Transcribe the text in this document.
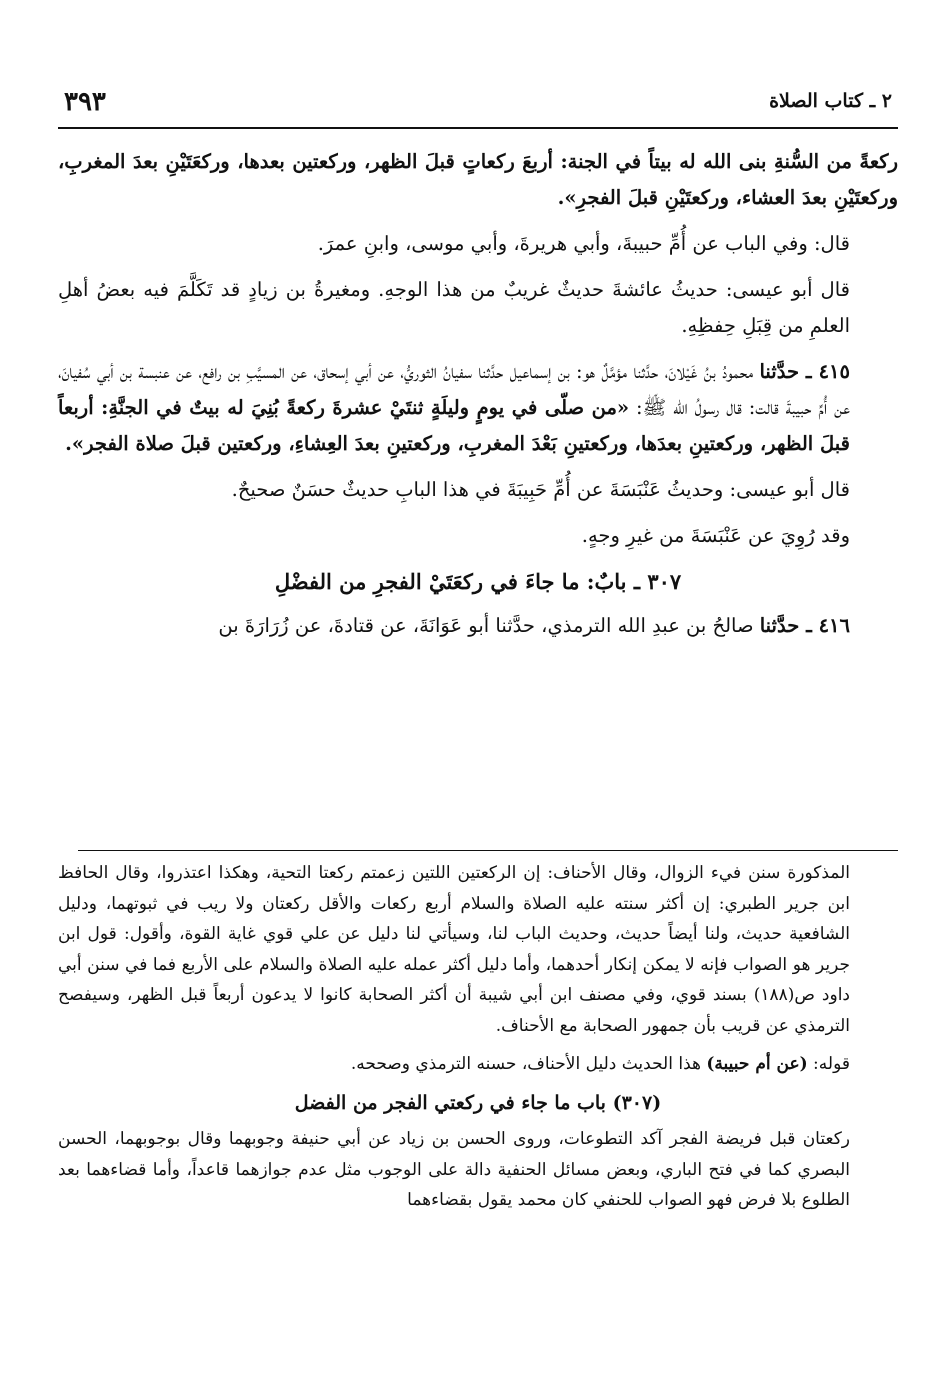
٢ ـ كتاب الصلاة
٣٩٣

ركعةً من السُّنةِ بنى الله له بيتاً في الجنة: أربعَ ركعاتٍ قبلَ الظهر، وركعتين بعدها، وركعَتَيْنِ بعدَ المغربِ، وركعتَيْنِ بعدَ العشاء، وركعتَيْنِ قبلَ الفجرِ».

قال: وفي الباب عن أُمِّ حبيبةَ، وأبي هريرةَ، وأبي موسى، وابنِ عمرَ.

قال أبو عيسى: حديثُ عائشةَ حديثٌ غريبٌ من هذا الوجهِ. ومغيرةُ بن زيادٍ قد تَكَلَّمَ فيه بعضُ أهلِ العلمِ من قِبَلِ حِفظِهِ.

٤١٥ ـ حدَّثنا محمودُ بنُ غَيْلانَ، حدَّثنا مؤمَّلٌ هو: بن إسماعيل حدَّثنا سفيانُ الثوريُّ، عن أبي إسحاق، عن المسيَّبِ بن رافع، عن عنبسة بن أبي سُفيانَ، عن أُمِّ حبيبةَ قالت: قال رسولُ الله ﷺ: «من صلّى في يومٍ وليلَةٍ ثنتَيْ عشرةَ ركعةً بُنِيَ له بيتٌ في الجنَّةِ: أربعاً قبلَ الظهر، وركعتينِ بعدَها، وركعتينِ بَعْدَ المغربِ، وركعتينِ بعدَ العِشاءِ، وركعتين قبلَ صلاة الفجر».

قال أبو عيسى: وحديثُ عَنْبَسَةَ عن أُمِّ حَبِيبَةَ في هذا البابِ حديثٌ حسَنٌ صحيحٌ.

وقد رُوِيَ عن عَنْبَسَةَ من غيرِ وجهٍ.

٣٠٧ ـ بابٌ: ما جاءَ في ركعَتَيْ الفجرِ من الفضْلِ

٤١٦ ـ حدَّثنا صالحُ بن عبدِ الله الترمذي، حدَّثنا أبو عَوَانَةَ، عن قتادةَ، عن زُرَارَةَ بن

المذكورة سنن فيء الزوال، وقال الأحناف: إن الركعتين اللتين زعمتم ركعتا التحية، وهكذا اعتذروا، وقال الحافظ ابن جرير الطبري: إن أكثر سنته عليه الصلاة والسلام أربع ركعات والأقل ركعتان ولا ريب في ثبوتهما، ودليل الشافعية حديث، ولنا أيضاً حديث، وحديث الباب لنا، وسيأتي لنا دليل عن علي قوي غاية القوة، وأقول: قول ابن جرير هو الصواب فإنه لا يمكن إنكار أحدهما، وأما دليل أكثر عمله عليه الصلاة والسلام على الأربع فما في سنن أبي داود ص(١٨٨) بسند قوي، وفي مصنف ابن أبي شيبة أن أكثر الصحابة كانوا لا يدعون أربعاً قبل الظهر، وسيفصح الترمذي عن قريب بأن جمهور الصحابة مع الأحناف.

قوله: (عن أم حبيبة) هذا الحديث دليل الأحناف، حسنه الترمذي وصححه.

(٣٠٧) باب ما جاء في ركعتي الفجر من الفضل

ركعتان قبل فريضة الفجر آكد التطوعات، وروى الحسن بن زياد عن أبي حنيفة وجوبهما وقال بوجوبهما، الحسن البصري كما في فتح الباري، وبعض مسائل الحنفية دالة على الوجوب مثل عدم جوازهما قاعداً، وأما قضاءهما بعد الطلوع بلا فرض فهو الصواب للحنفي كان محمد يقول بقضاءهما
